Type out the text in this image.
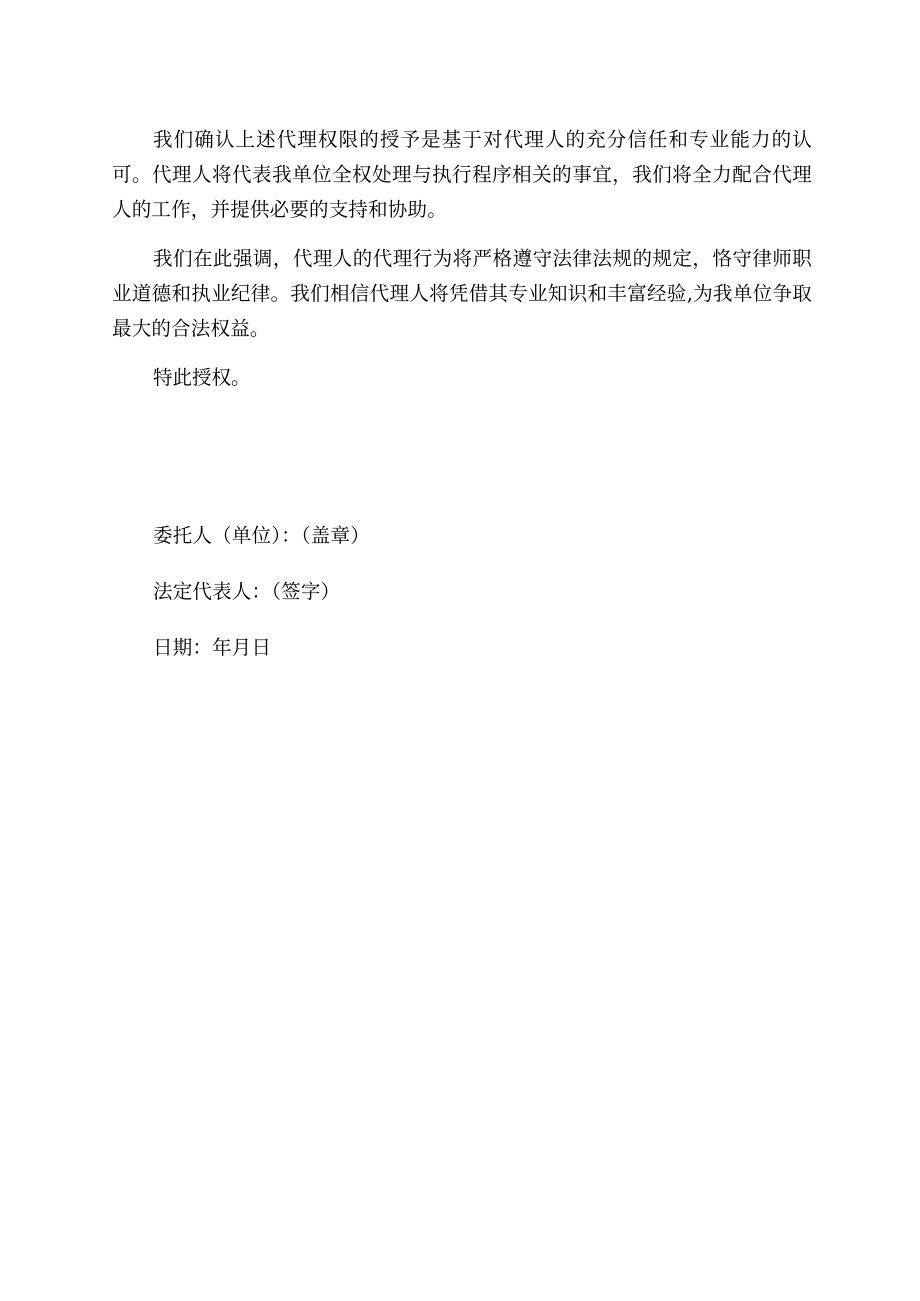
我们确认上述代理权限的授予是基于对代理人的充分信任和专业能力的认可。代理人将代表我单位全权处理与执行程序相关的事宜，我们将全力配合代理人的工作，并提供必要的支持和协助。

我们在此强调，代理人的代理行为将严格遵守法律法规的规定，恪守律师职业道德和执业纪律。我们相信代理人将凭借其专业知识和丰富经验,为我单位争取最大的合法权益。

特此授权。

委托人（单位）：（盖章）

法定代表人：（签字）

日期：年月日
